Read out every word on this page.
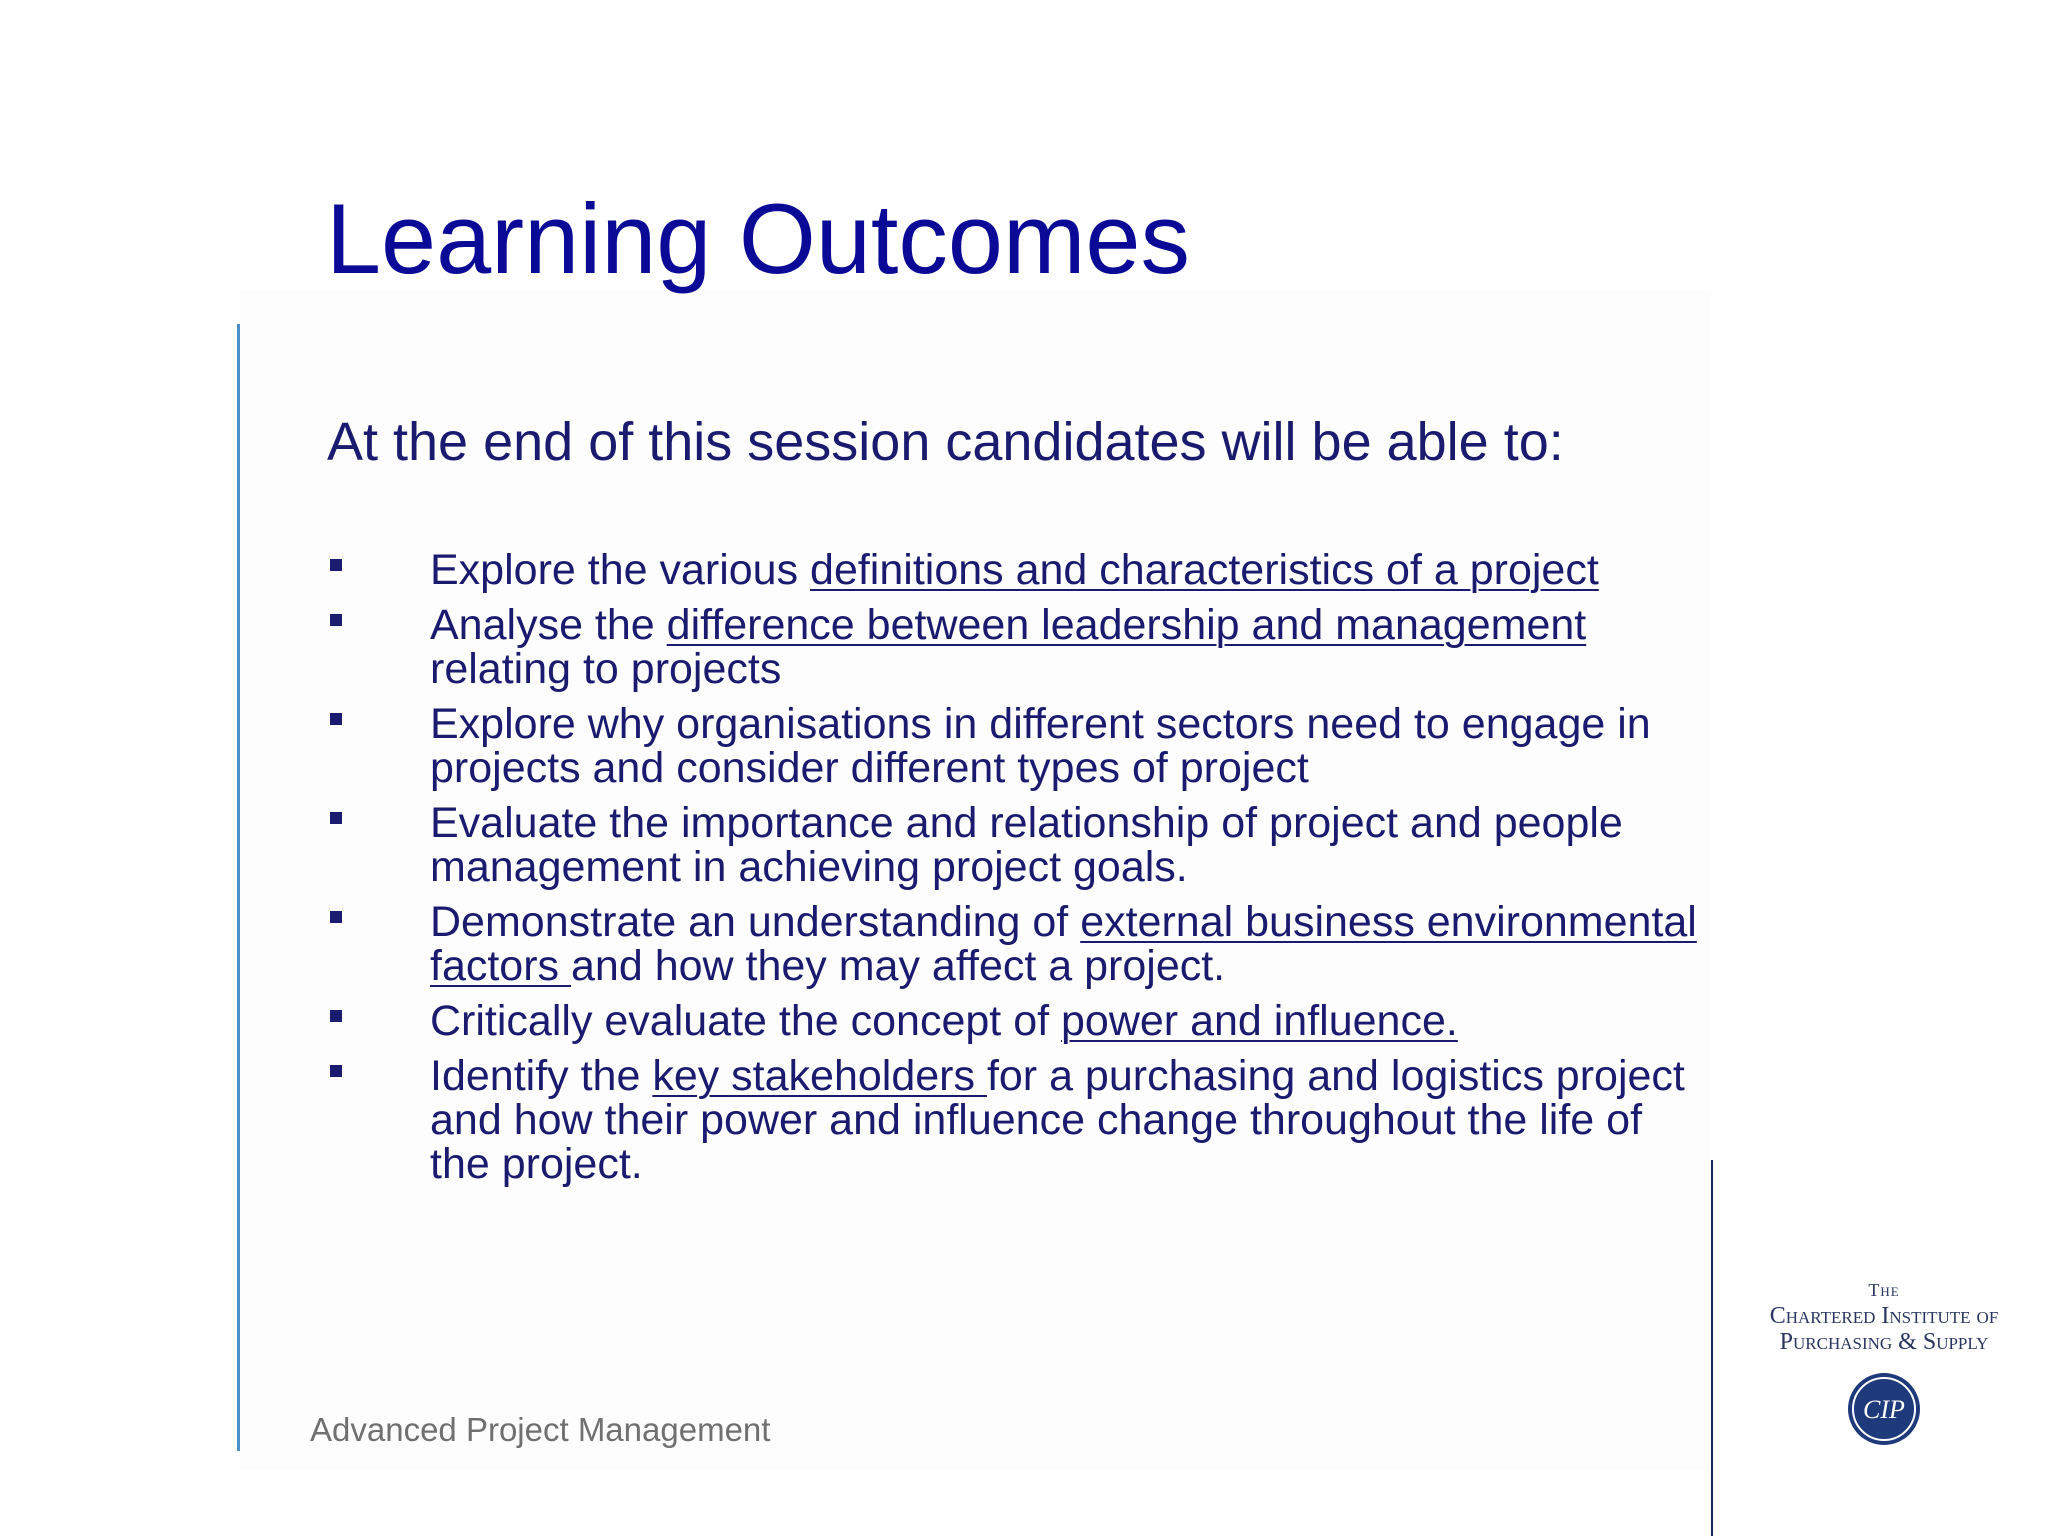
Learning Outcomes

At the end of this session candidates will be able to:

Explore the various definitions and characteristics of a project
Analyse the difference between leadership and management relating to projects
Explore why organisations in different sectors need to engage in projects and consider different types of project
Evaluate the importance and relationship of project and people management in achieving project goals.
Demonstrate an understanding of external business environmental factors and how they may affect a project.
Critically evaluate the concept of power and influence.
Identify the key stakeholders for a purchasing and logistics project and how their power and influence change throughout the life of the project.

Advanced Project Management

The
Chartered Institute of
Purchasing & Supply
CIP
